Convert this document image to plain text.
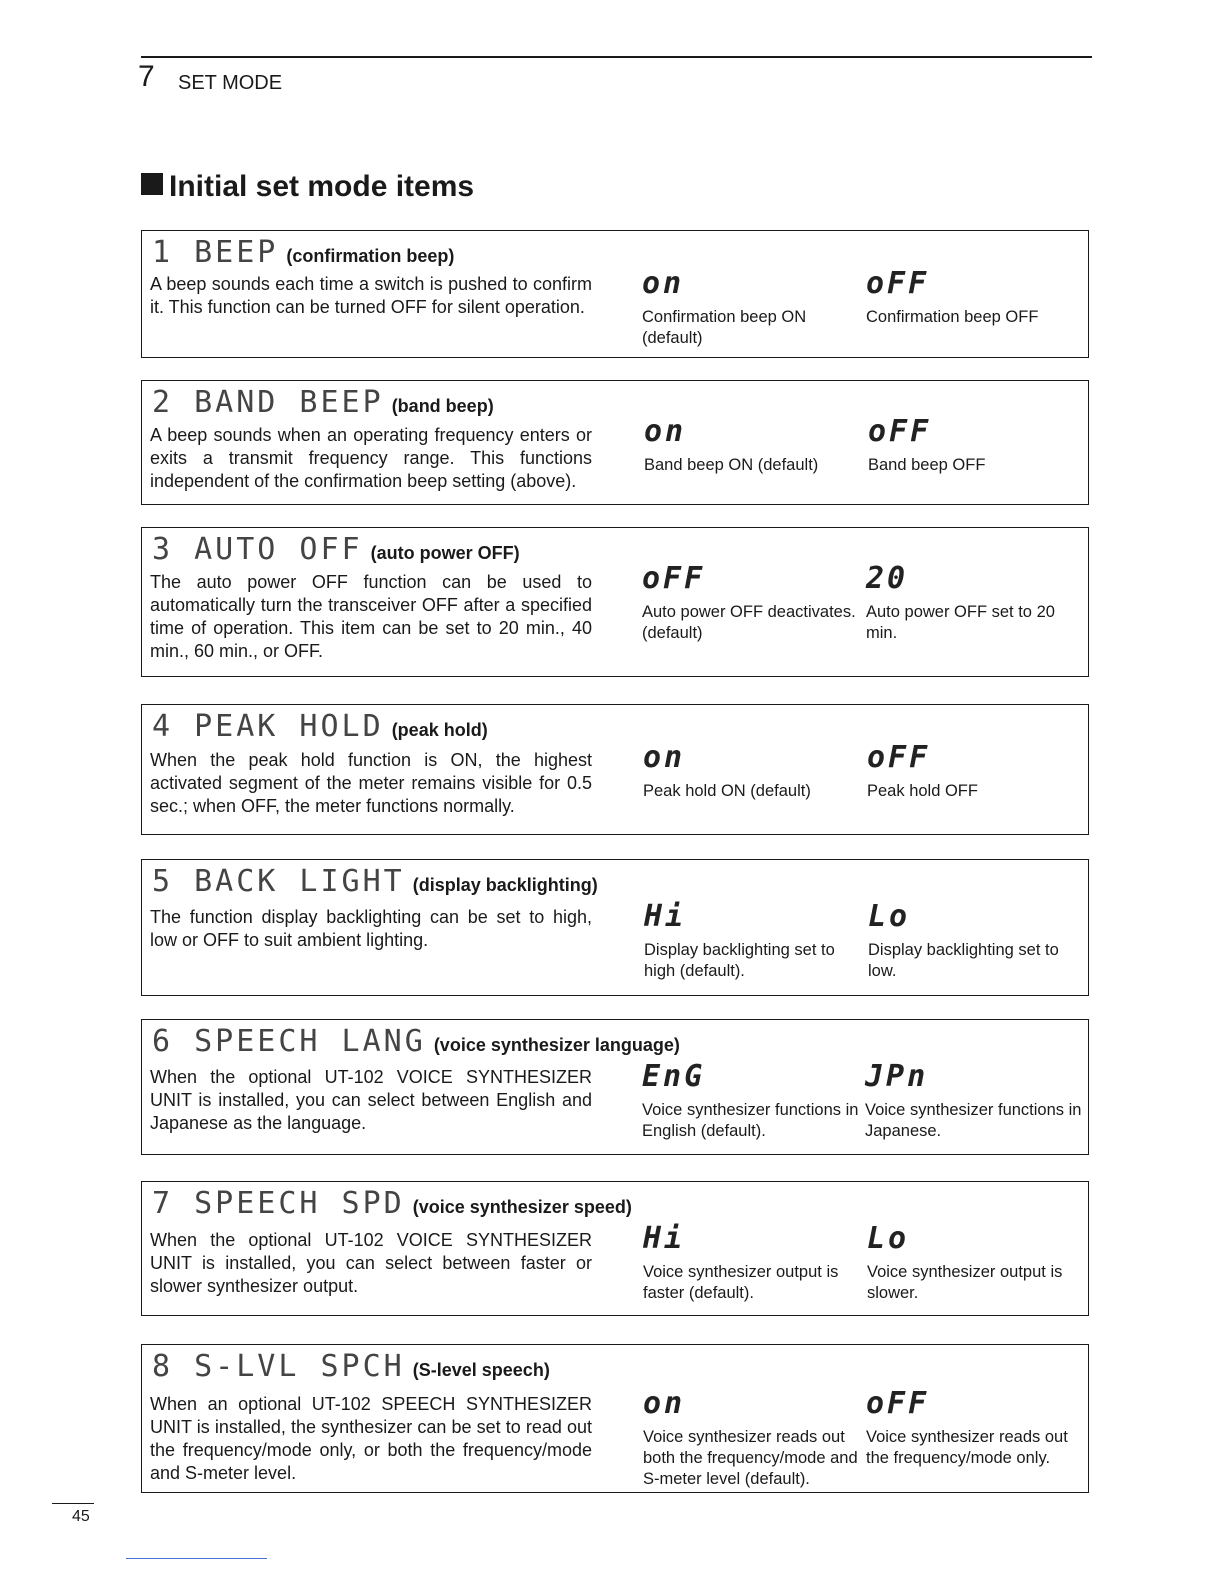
7 SET MODE
Initial set mode items
1 BEEP (confirmation beep)
A beep sounds each time a switch is pushed to confirm it. This function can be turned OFF for silent operation.
on
Confirmation beep ON (default)
oFF
Confirmation beep OFF
2 BAND BEEP (band beep)
A beep sounds when an operating frequency enters or exits a transmit frequency range. This functions independent of the confirmation beep setting (above).
on
Band beep ON (default)
oFF
Band beep OFF
3 AUTO OFF (auto power OFF)
The auto power OFF function can be used to automatically turn the transceiver OFF after a specified time of operation. This item can be set to 20 min., 40 min., 60 min., or OFF.
oFF
Auto power OFF deactivates. (default)
20
Auto power OFF set to 20 min.
4 PEAK HOLD (peak hold)
When the peak hold function is ON, the highest activated segment of the meter remains visible for 0.5 sec.; when OFF, the meter functions normally.
on
Peak hold ON (default)
oFF
Peak hold OFF
5 BACK LIGHT (display backlighting)
The function display backlighting can be set to high, low or OFF to suit ambient lighting.
Hi
Display backlighting set to high (default).
Lo
Display backlighting set to low.
6 SPEECH LANG (voice synthesizer language)
When the optional UT-102 VOICE SYNTHESIZER UNIT is installed, you can select between English and Japanese as the language.
EnG
Voice synthesizer functions in English (default).
JPn
Voice synthesizer functions in Japanese.
7 SPEECH SPD (voice synthesizer speed)
When the optional UT-102 VOICE SYNTHESIZER UNIT is installed, you can select between faster or slower synthesizer output.
Hi
Voice synthesizer output is faster (default).
Lo
Voice synthesizer output is slower.
8 S-LVL SPCH (S-level speech)
When an optional UT-102 SPEECH SYNTHESIZER UNIT is installed, the synthesizer can be set to read out the frequency/mode only, or both the frequency/mode and S-meter level.
on
Voice synthesizer reads out both the frequency/mode and S-meter level (default).
oFF
Voice synthesizer reads out the frequency/mode only.
45
